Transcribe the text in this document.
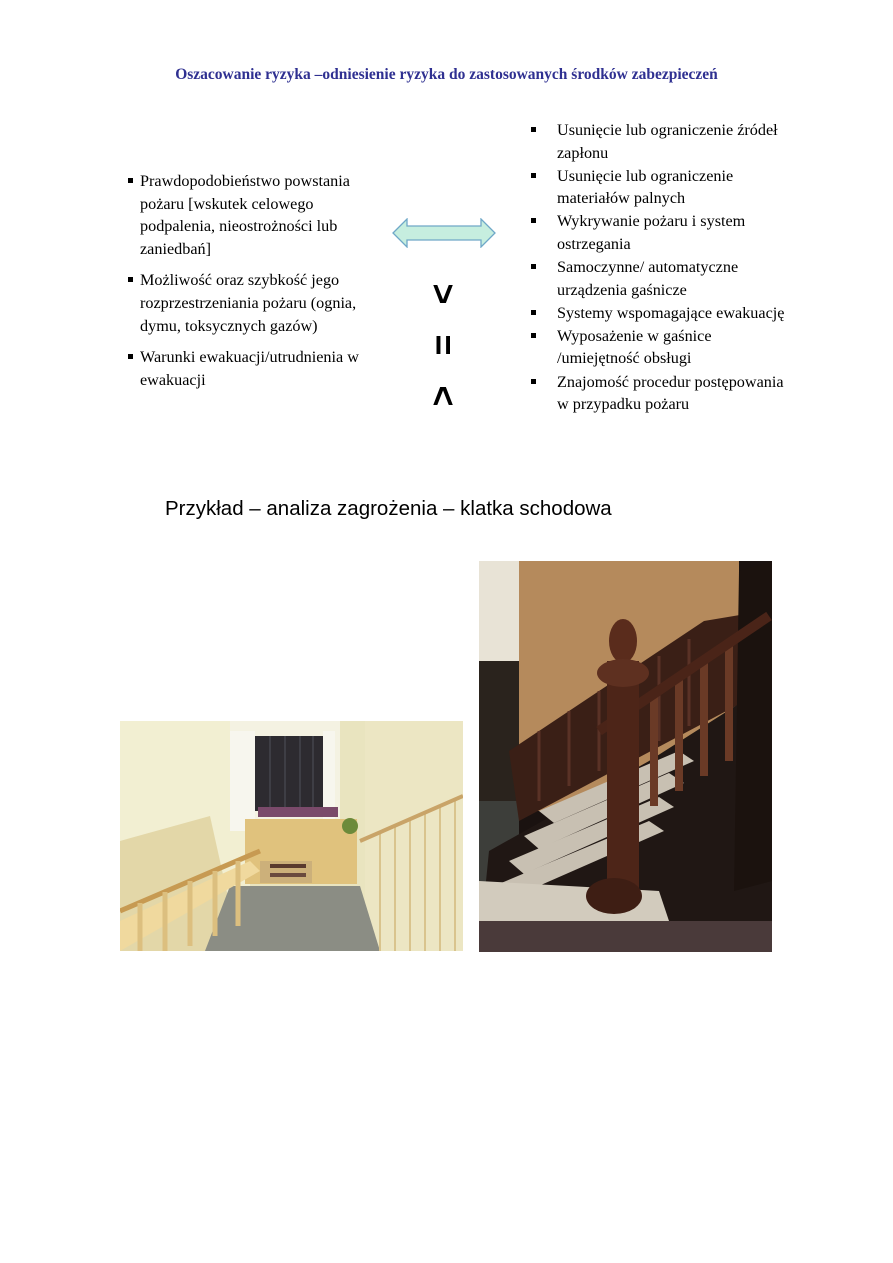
Oszacowanie ryzyka –odniesienie ryzyka do zastosowanych środków zabezpieczeń
Prawdopodobieństwo powstania pożaru [wskutek celowego podpalenia, nieostrożności lub zaniedbań]
Możliwość oraz szybkość jego rozprzestrzeniania pożaru (ognia, dymu, toksycznych gazów)
Warunki ewakuacji/utrudnienia w ewakuacji	> = <
Usunięcie lub ograniczenie źródeł zapłonu
Usunięcie lub ograniczenie materiałów palnych
Wykrywanie pożaru i system ostrzegania
Samoczynne/ automatyczne urządzenia gaśnicze
Systemy wspomagające ewakuację
Wyposażenie w gaśnice /umiejętność obsługi
Znajomość procedur postępowania w przypadku pożaru
Przykład – analiza zagrożenia – klatka schodowa
